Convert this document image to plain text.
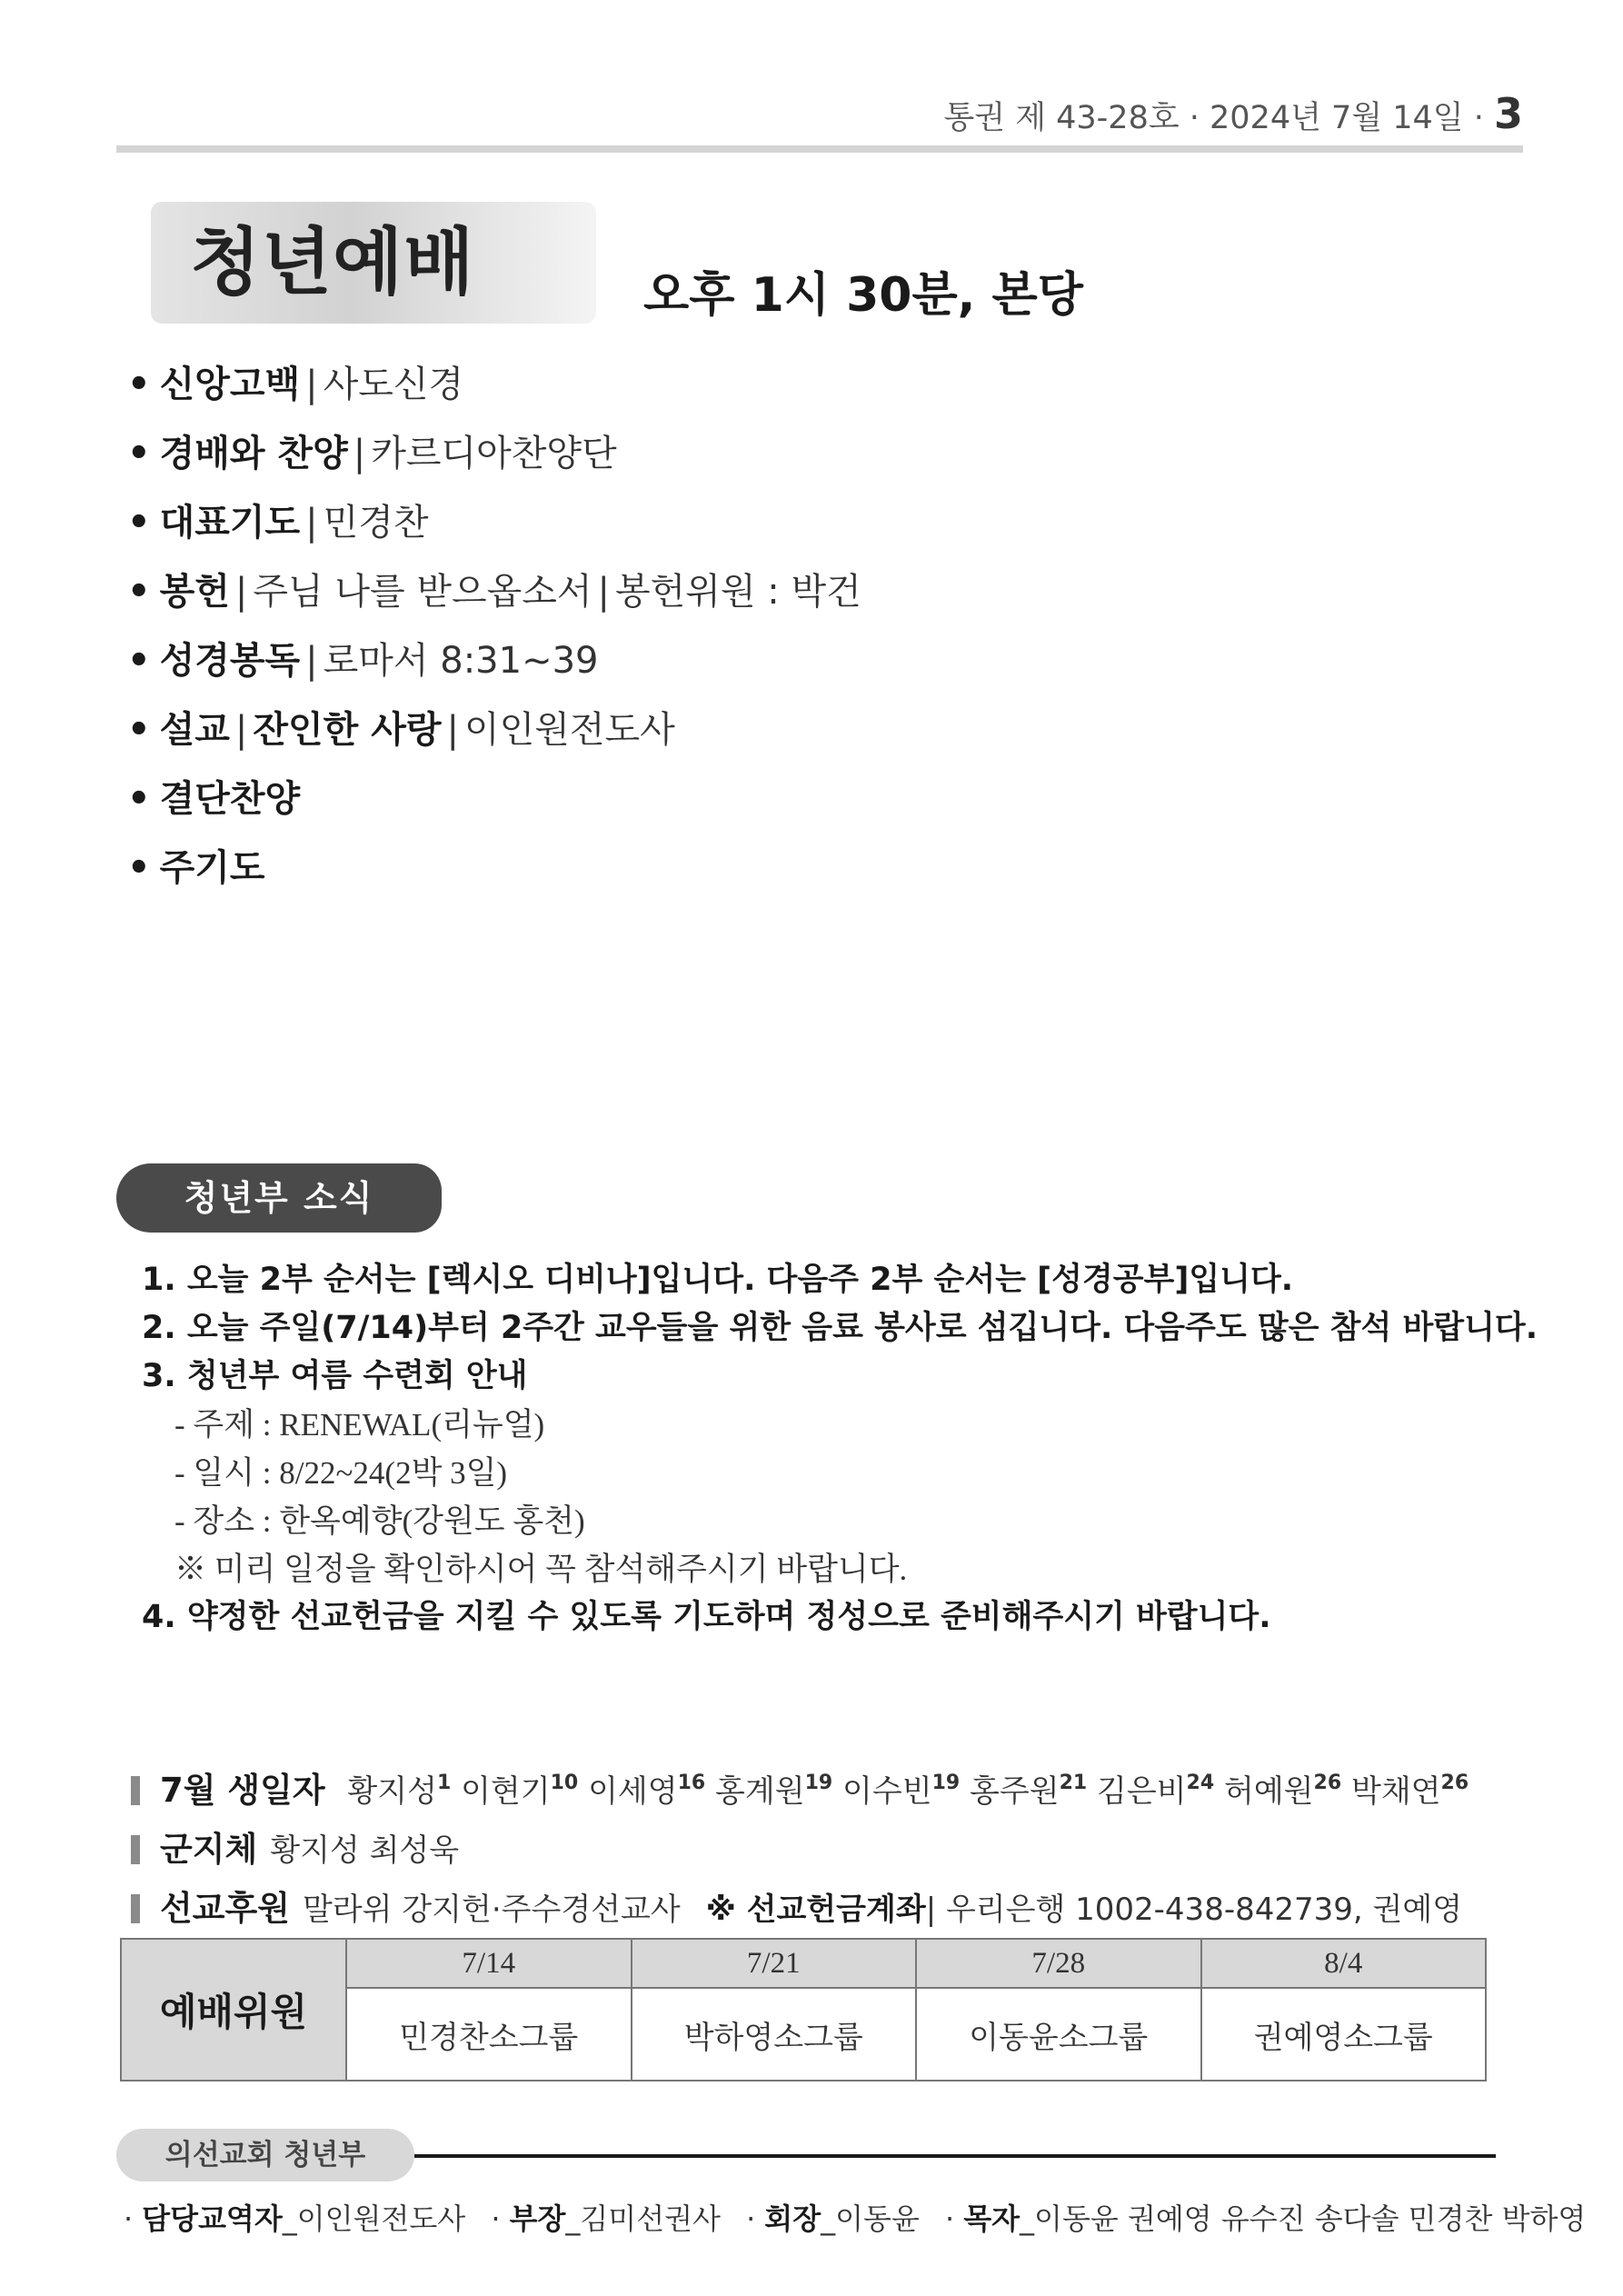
통권 제 43-28호 · 2024년 7월 14일 · 3
청년예배	오후 1시 30분, 본당
• 신앙고백 | 사도신경
• 경배와 찬양 | 카르디아찬양단
• 대표기도 | 민경찬
• 봉헌 | 주님 나를 받으옵소서 | 봉헌위원 : 박건
• 성경봉독 | 로마서 8:31~39
• 설교 | 잔인한 사랑 | 이인원전도사
• 결단찬양
• 주기도
청년부 소식
1. 오늘 2부 순서는 [렉시오 디비나]입니다. 다음주 2부 순서는 [성경공부]입니다.
2. 오늘 주일(7/14)부터 2주간 교우들을 위한 음료 봉사로 섬깁니다. 다음주도 많은 참석 바랍니다.
3. 청년부 여름 수련회 안내
- 주제 : RENEWAL(리뉴얼)
- 일시 : 8/22~24(2박 3일)
- 장소 : 한옥예향(강원도 홍천)
※ 미리 일정을 확인하시어 꼭 참석해주시기 바랍니다.
4. 약정한 선교헌금을 지킬 수 있도록 기도하며 정성으로 준비해주시기 바랍니다.
7월 생일자 황지성$^1$ 이현기$^{10}$ 이세영$^{16}$ 홍계원$^{19}$ 이수빈$^{19}$ 홍주원$^{21}$ 김은비$^{24}$ 허예원$^{26}$ 박채연$^{26}$
군지체 황지성 최성욱
선교후원 말라위 강지헌·주수경선교사 ※ 선교헌금계좌| 우리은행 1002-438-842739, 권예영
예배위원	7/14	7/21	7/28	8/4
	민경찬소그룹	박하영소그룹	이동윤소그룹	권예영소그룹
의선교회 청년부
· 담당교역자_이인원전도사 · 부장_김미선권사 · 회장_이동윤 · 목자_이동윤 권예영 유수진 송다솔 민경찬 박하영
